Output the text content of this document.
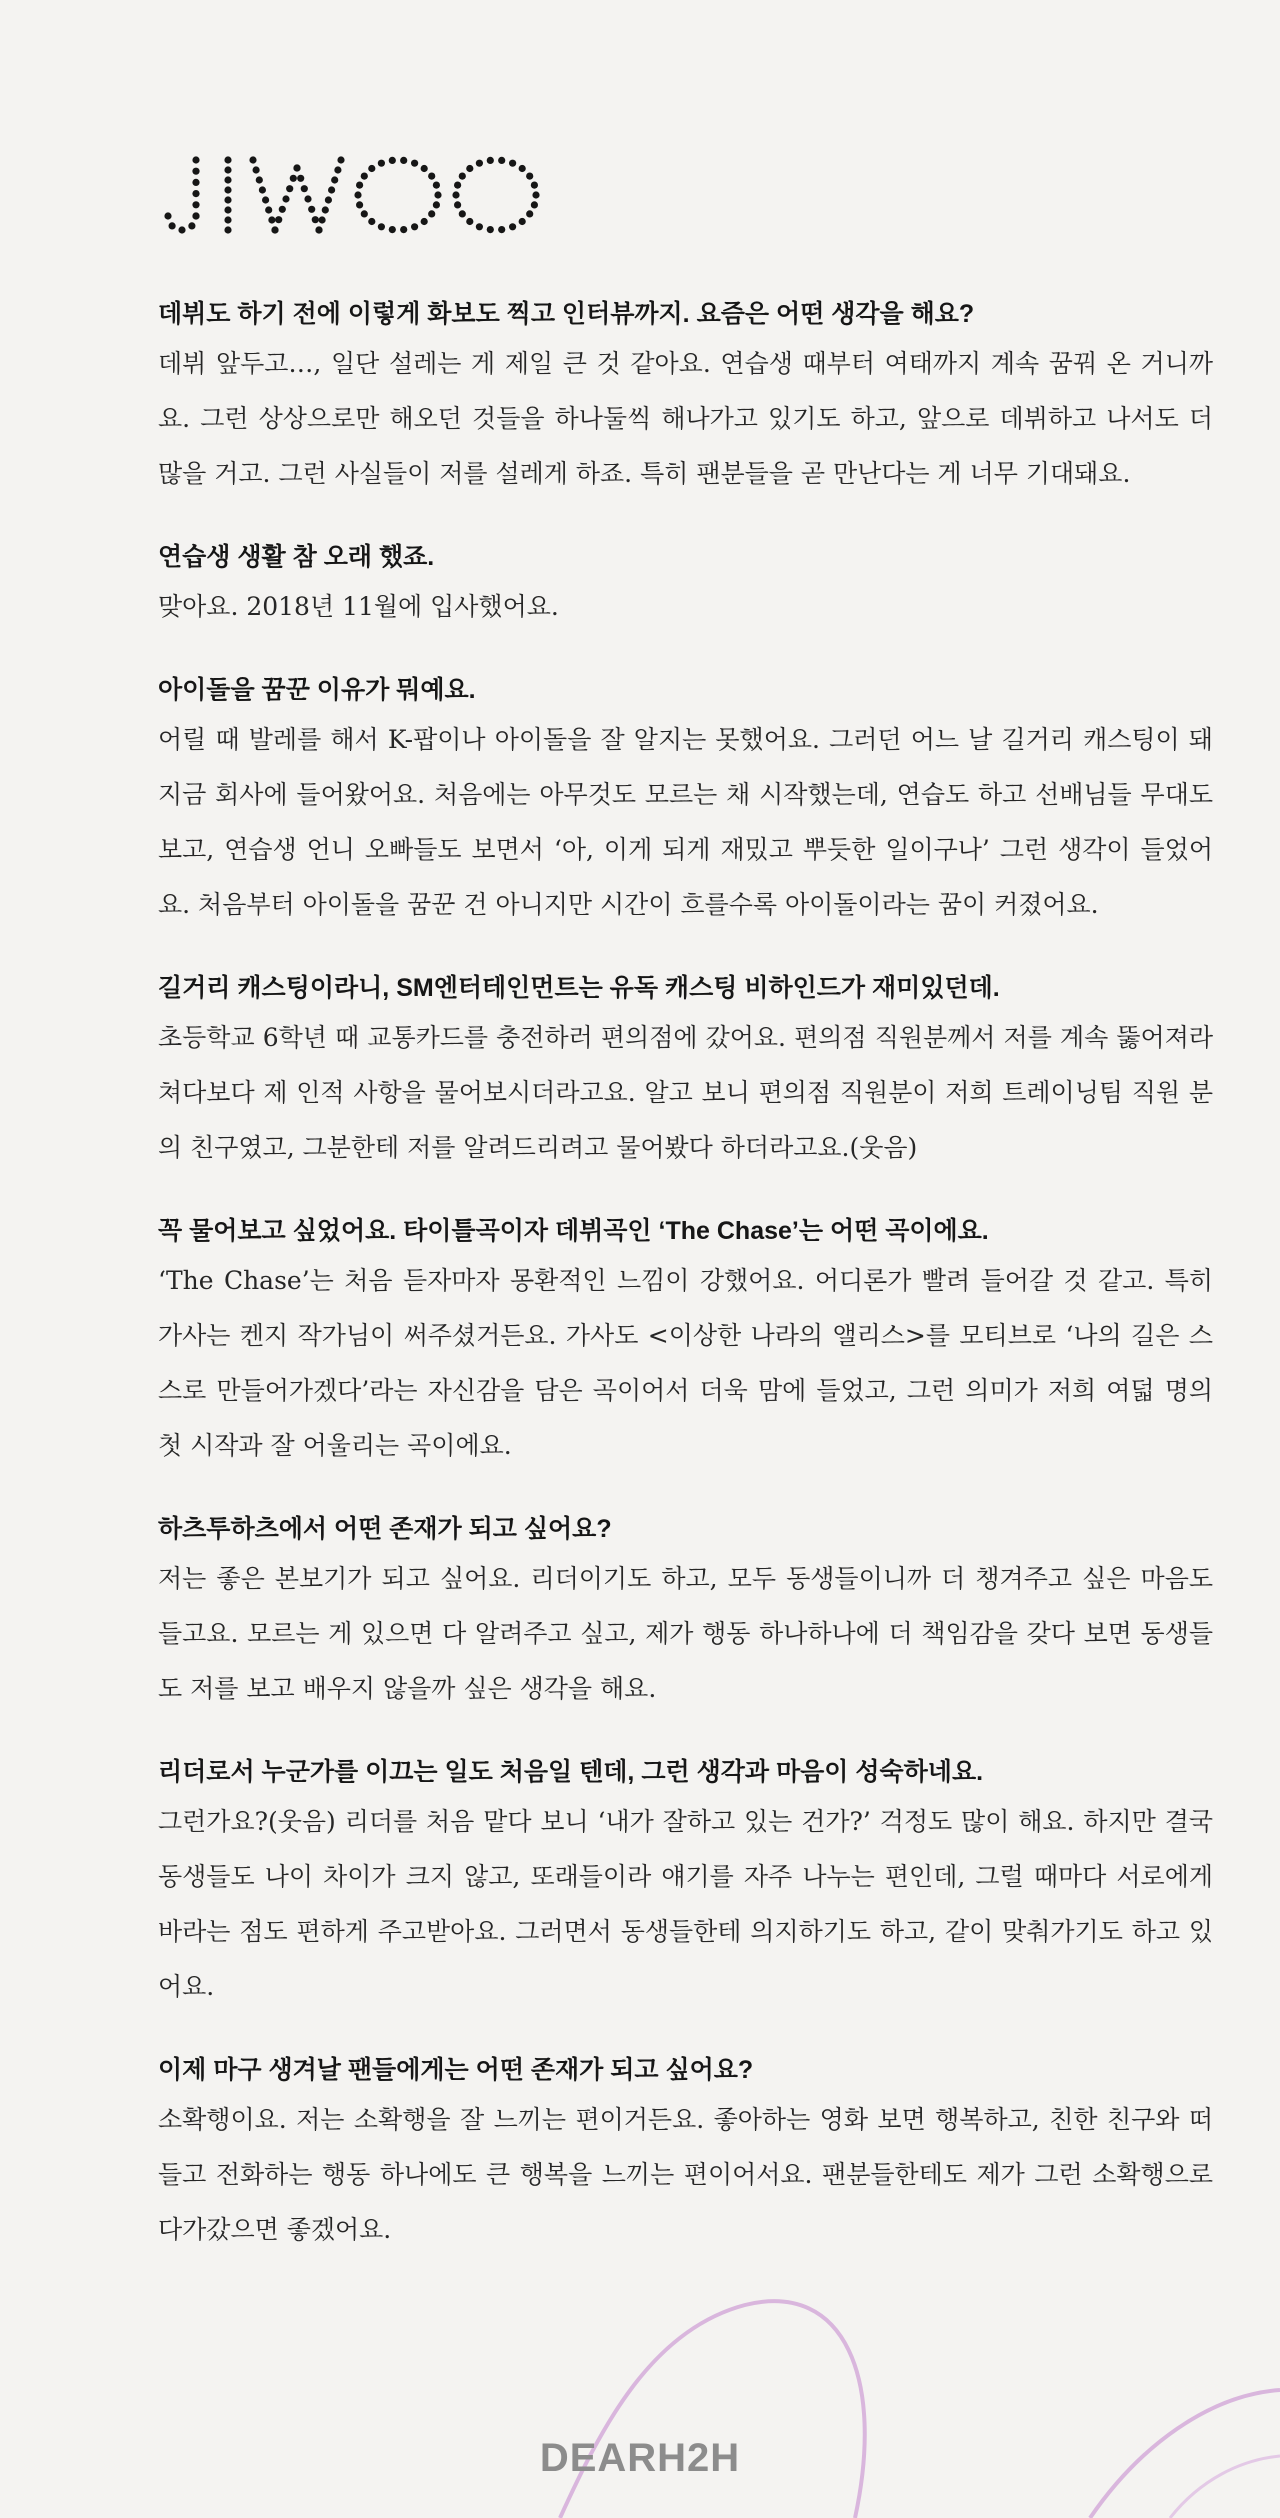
데뷔도 하기 전에 이렇게 화보도 찍고 인터뷰까지. 요즘은 어떤 생각을 해요?

데뷔 앞두고…, 일단 설레는 게 제일 큰 것 같아요. 연습생 때부터 여태까지 계속 꿈꿔 온 거니까요. 그런 상상으로만 해오던 것들을 하나둘씩 해나가고 있기도 하고, 앞으로 데뷔하고 나서도 더 많을 거고. 그런 사실들이 저를 설레게 하죠. 특히 팬분들을 곧 만난다는 게 너무 기대돼요.

연습생 생활 참 오래 했죠.

맞아요. 2018년 11월에 입사했어요.

아이돌을 꿈꾼 이유가 뭐예요.

어릴 때 발레를 해서 K-팝이나 아이돌을 잘 알지는 못했어요. 그러던 어느 날 길거리 캐스팅이 돼 지금 회사에 들어왔어요. 처음에는 아무것도 모르는 채 시작했는데, 연습도 하고 선배님들 무대도 보고, 연습생 언니 오빠들도 보면서 ‘아, 이게 되게 재밌고 뿌듯한 일이구나’ 그런 생각이 들었어요. 처음부터 아이돌을 꿈꾼 건 아니지만 시간이 흐를수록 아이돌이라는 꿈이 커졌어요.

길거리 캐스팅이라니, SM엔터테인먼트는 유독 캐스팅 비하인드가 재미있던데.

초등학교 6학년 때 교통카드를 충전하러 편의점에 갔어요. 편의점 직원분께서 저를 계속 뚫어져라 쳐다보다 제 인적 사항을 물어보시더라고요. 알고 보니 편의점 직원분이 저희 트레이닝팀 직원 분의 친구였고, 그분한테 저를 알려드리려고 물어봤다 하더라고요.(웃음)

꼭 물어보고 싶었어요. 타이틀곡이자 데뷔곡인 ‘The Chase’는 어떤 곡이에요.

‘The Chase’는 처음 듣자마자 몽환적인 느낌이 강했어요. 어디론가 빨려 들어갈 것 같고. 특히 가사는 켄지 작가님이 써주셨거든요. 가사도 <이상한 나라의 앨리스>를 모티브로 ‘나의 길은 스스로 만들어가겠다’라는 자신감을 담은 곡이어서 더욱 맘에 들었고, 그런 의미가 저희 여덟 명의 첫 시작과 잘 어울리는 곡이에요.

하츠투하츠에서 어떤 존재가 되고 싶어요?

저는 좋은 본보기가 되고 싶어요. 리더이기도 하고, 모두 동생들이니까 더 챙겨주고 싶은 마음도 들고요. 모르는 게 있으면 다 알려주고 싶고, 제가 행동 하나하나에 더 책임감을 갖다 보면 동생들도 저를 보고 배우지 않을까 싶은 생각을 해요.

리더로서 누군가를 이끄는 일도 처음일 텐데, 그런 생각과 마음이 성숙하네요.

그런가요?(웃음) 리더를 처음 맡다 보니 ‘내가 잘하고 있는 건가?’ 걱정도 많이 해요. 하지만 결국 동생들도 나이 차이가 크지 않고, 또래들이라 얘기를 자주 나누는 편인데, 그럴 때마다 서로에게 바라는 점도 편하게 주고받아요. 그러면서 동생들한테 의지하기도 하고, 같이 맞춰가기도 하고 있어요.

이제 마구 생겨날 팬들에게는 어떤 존재가 되고 싶어요?

소확행이요. 저는 소확행을 잘 느끼는 편이거든요. 좋아하는 영화 보면 행복하고, 친한 친구와 떠들고 전화하는 행동 하나에도 큰 행복을 느끼는 편이어서요. 팬분들한테도 제가 그런 소확행으로 다가갔으면 좋겠어요.

DEARH2H
